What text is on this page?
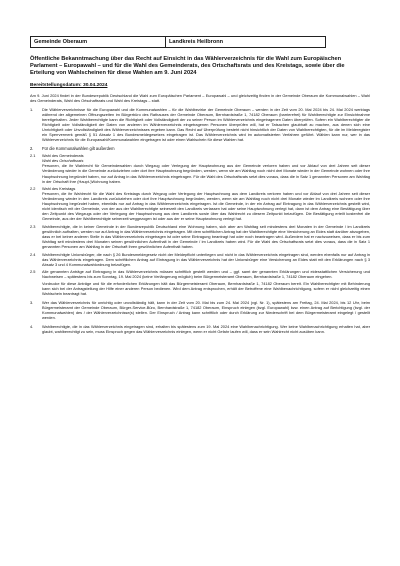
Gemeinde Oberaum	Landkreis Heilbronn
Öffentliche Bekanntmachung über das Recht auf Einsicht in das Wählerverzeichnis für die Wahl zum Europäischen Parlament – Europawahl – und für die Wahl des Gemeinderats, des Ortschaftsrats und des Kreistags, sowie über die Erteilung von Wahlscheinen für diese Wahlen am 9. Juni 2024
Bereitstellungsdatum: 30.04.2024

Am 9. Juni 2024 findet in der Bundesrepublik Deutschland die Wahl zum Europäischen Parlament – Europawahl – und gleichzeitig finden in der Gemeinde Oberaum die Kommunalwahlen – Wahl des Gemeinderats, Wahl des Ortschaftsrats und Wahl des Kreistags – statt.

1. Die Wählerverzeichnisse für die Europawahl und die Kommunalwahlen – für die Wahlbezirke der Gemeinde Oberaum – werden in der Zeit vom 20. Mai 2024 bis 24. Mai 2024 werktags während der allgemeinen Öffnungszeiten im Bürgerbüro des Rathauses der Gemeinde Oberaum, Bernhardstraße 1, 74182 Oberaum (barrierefrei) für Wahlberechtigte zur Einsichtnahme bereitgehalten. Jeder Wahlberechtigte kann die Richtigkeit oder Vollständigkeit der zu seiner Person im Wählerverzeichnis eingetragenen Daten überprüfen. Sofern ein Wahlberechtigter die Richtigkeit oder Vollständigkeit der Daten von anderen im Wählerverzeichnis eingetragenen Personen überprüfen will, hat er Tatsachen glaubhaft zu machen, aus denen sich eine Unrichtigkeit oder Unvollständigkeit des Wählerverzeichnisses ergeben kann. Das Recht auf Überprüfung besteht nicht hinsichtlich der Daten von Wahlberechtigten, für die im Melderegister ein Sperrvermerk gemäß § 51 Absatz 1 des Bundesmeldegesetzes eingetragen ist. Das Wählerverzeichnis wird im automatisierten Verfahren geführt. Wählen kann nur, wer in das Wählerverzeichnis für die Europawahl/Kommunalwahlen eingetragen ist oder einen Wahlschein für diese Wahlen hat.

2. Für die Kommunalwahlen gilt außerdem
2.1 Wahl des Gemeinderats
Wahl des Ortschaftsrats

Personen, die ihr Wahlrecht für Gemeindewahlen durch Wegzug oder Verlegung der Hauptwohnung aus der Gemeinde verloren haben und vor Ablauf von drei Jahren seit dieser Veränderung wieder in die Gemeinde zurückziehen oder dort ihre Hauptwohnung begründen, werden, wenn sie am Wahltag noch nicht drei Monate wieder in der Gemeinde wohnen oder ihre Hauptwohnung begründet haben, nur auf Antrag in das Wählerverzeichnis eingetragen. Für die Wahl des Ortschaftsrats setzt dies voraus, dass die in Satz 1 genannten Personen am Wahltag in der Ortschaft ihre (Haupt-)Wohnung haben.

2.2 Wahl des Kreistags

Personen, die ihr Wahlrecht für die Wahl des Kreistags durch Wegzug oder Verlegung der Hauptwohnung aus dem Landkreis verloren haben und vor Ablauf von drei Jahren seit dieser Veränderung wieder in den Landkreis zurückziehen oder dort ihre Hauptwohnung begründen, werden, wenn sie am Wahltag noch nicht drei Monate wieder im Landkreis wohnen oder ihre Hauptwohnung begründet haben, ebenfalls nur auf Antrag in das Wählerverzeichnis eingetragen. Ist die Gemeinde, in der ein Antrag auf Eintragung in das Wählerverzeichnis gestellt wird, nicht identisch mit der Gemeinde, von der aus der Wahlberechtigte seinerzeit den Landkreis verlassen hat oder seine Hauptwohnung verlegt hat, dann ist dem Antrag eine Bestätigung über den Zeitpunkt des Wegzugs oder der Verlegung der Hauptwohnung aus dem Landkreis sowie über das Wahlrecht zu diesem Zeitpunkt beizufügen. Die Bestätigung erteilt kostenfrei die Gemeinde, aus der der Wahlberechtigte seinerzeit weggezogen ist oder aus der er seine Hauptwohnung verlegt hat.

2.3	Wahlberechtigte, die in keiner Gemeinde in der Bundesrepublik Deutschland eine Wohnung haben, sich aber am Wahltag seit mindestens drei Monaten in der Gemeinde / im Landkreis gewöhnlich aufhalten, werden nur auf Antrag in das Wählerverzeichnis eingetragen. Mit dem schriftlichen Antrag hat der Wahlberechtigte eine Versicherung an Eides statt darüber abzugeben, dass er bei keiner anderen Stelle in das Wählerverzeichnis eingetragen ist oder seine Eintragung beantragt hat oder noch beantragen wird. Außerdem hat er nachzuweisen, dass er bis zum Wahltag seit mindestens drei Monaten seinen gewöhnlichen Aufenthalt in der Gemeinde / im Landkreis haben wird. Für die Wahl des Ortschaftsrats setzt dies voraus, dass die in Satz 1 genannten Personen am Wahltag in der Ortschaft ihren gewöhnlichen Aufenthalt haben.
2.4	Wahlberechtigte Unionsbürger, die nach § 26 Bundesmeldegesetz nicht der Meldepflicht unterliegen und nicht in das Wählerverzeichnis eingetragen sind, werden ebenfalls nur auf Antrag in das Wählerverzeichnis eingetragen. Dem schriftlichen Antrag auf Eintragung in das Wählerverzeichnis hat der Unionsbürger eine Versicherung an Eides statt mit den Erklärungen nach § 3 Absatz 3 und 4 Kommunalwahlordnung beizufügen.
2.5	Alle genannten Anträge auf Eintragung in das Wählerverzeichnis müssen schriftlich gestellt werden und – ggf. samt der genannten Erklärungen und eidesstattlichen Versicherung und Nachweisen – spätestens bis zum Sonntag, 19. Mai 2024 (keine Verlängerung möglich) beim Bürgermeisteramt Oberaum, Bernhardstraße 1, 74182 Oberaum eingehen.

Vordrucke für diese Anträge und für die erforderlichen Erklärungen hält das Bürgermeisteramt Oberaum, Bernhardstraße 1, 74182 Oberaum bereit. Ein Wahlberechtigter mit Behinderung kann sich bei der Antragstellung der Hilfe einer anderen Person bedienen. Wird dem Antrag entsprochen, erhält der Betroffene eine Wahlbenachrichtigung, sofern er nicht gleichzeitig einen Wahlschein beantragt hat.

3. Wer das Wählerverzeichnis für unrichtig oder unvollständig hält, kann in der Zeit vom 20. Mai bis zum 24. Mai 2024 (vgl. Nr. 1), spätestens am Freitag, 24. Mai 2024, bis 12 Uhr, beim Bürgermeisteramt der Gemeinde Oberaum, Bürger-Service-Büro, Bernhardstraße 1, 74182 Oberaum, Einspruch einlegen (bzgl. Europawahl) bzw. einen Antrag auf Berichtigung (bzgl. der Kommunalwahlen) des / der Wählerverzeichnisse(s) stellen. Der Einspruch / Antrag kann schriftlich oder durch Erklärung zur Niederschrift bei dem Bürgermeisteramt eingelegt / gestellt werden.

4. Wahlberechtigte, die in das Wählerverzeichnis eingetragen sind, erhalten bis spätestens zum 19. Mai 2024 eine Wahlbenachrichtigung. Wer keine Wahlbenachrichtigung erhalten hat, aber glaubt, wahlberechtigt zu sein, muss Einspruch gegen das Wählerverzeichnis einlegen, wenn er nicht Gefahr laufen will, dass er sein Wahlrecht nicht ausüben kann.
